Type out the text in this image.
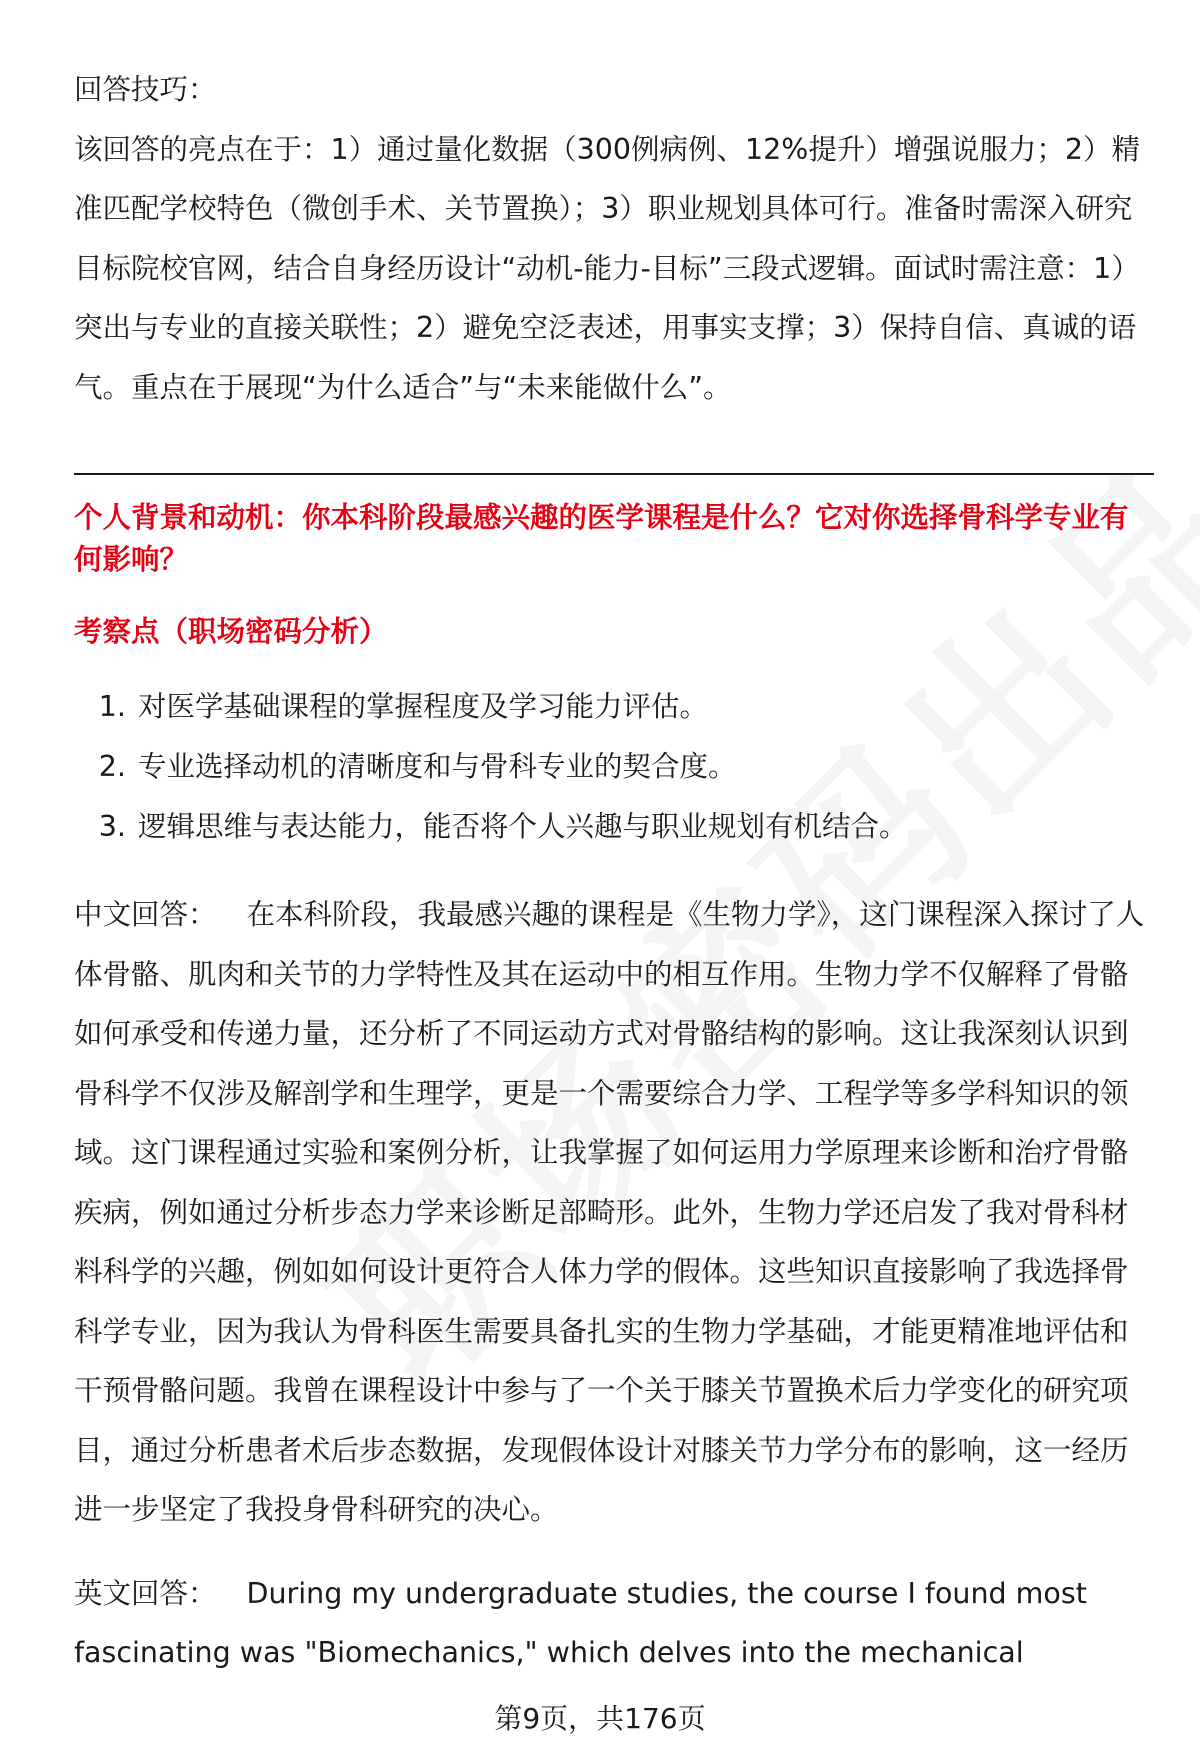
回答技巧：

该回答的亮点在于：1）通过量化数据（300例病例、12%提升）增强说服力；2）精准匹配学校特色（微创手术、关节置换）；3）职业规划具体可行。准备时需深入研究目标院校官网，结合自身经历设计“动机-能力-目标”三段式逻辑。面试时需注意：1）突出与专业的直接关联性；2）避免空泛表述，用事实支撑；3）保持自信、真诚的语气。重点在于展现“为什么适合”与“未来能做什么”。

个人背景和动机：你本科阶段最感兴趣的医学课程是什么？它对你选择骨科学专业有何影响？

考察点（职场密码分析）

1. 对医学基础课程的掌握程度及学习能力评估。
2. 专业选择动机的清晰度和与骨科专业的契合度。
3. 逻辑思维与表达能力，能否将个人兴趣与职业规划有机结合。

中文回答： 在本科阶段，我最感兴趣的课程是《生物力学》，这门课程深入探讨了人体骨骼、肌肉和关节的力学特性及其在运动中的相互作用。生物力学不仅解释了骨骼如何承受和传递力量，还分析了不同运动方式对骨骼结构的影响。这让我深刻认识到骨科学不仅涉及解剖学和生理学，更是一个需要综合力学、工程学等多学科知识的领域。这门课程通过实验和案例分析，让我掌握了如何运用力学原理来诊断和治疗骨骼疾病，例如通过分析步态力学来诊断足部畸形。此外，生物力学还启发了我对骨科材料科学的兴趣，例如如何设计更符合人体力学的假体。这些知识直接影响了我选择骨科学专业，因为我认为骨科医生需要具备扎实的生物力学基础，才能更精准地评估和干预骨骼问题。我曾在课程设计中参与了一个关于膝关节置换术后力学变化的研究项目，通过分析患者术后步态数据，发现假体设计对膝关节力学分布的影响，这一经历进一步坚定了我投身骨科研究的决心。

英文回答： During my undergraduate studies, the course I found most fascinating was "Biomechanics," which delves into the mechanical

第9页，共176页
